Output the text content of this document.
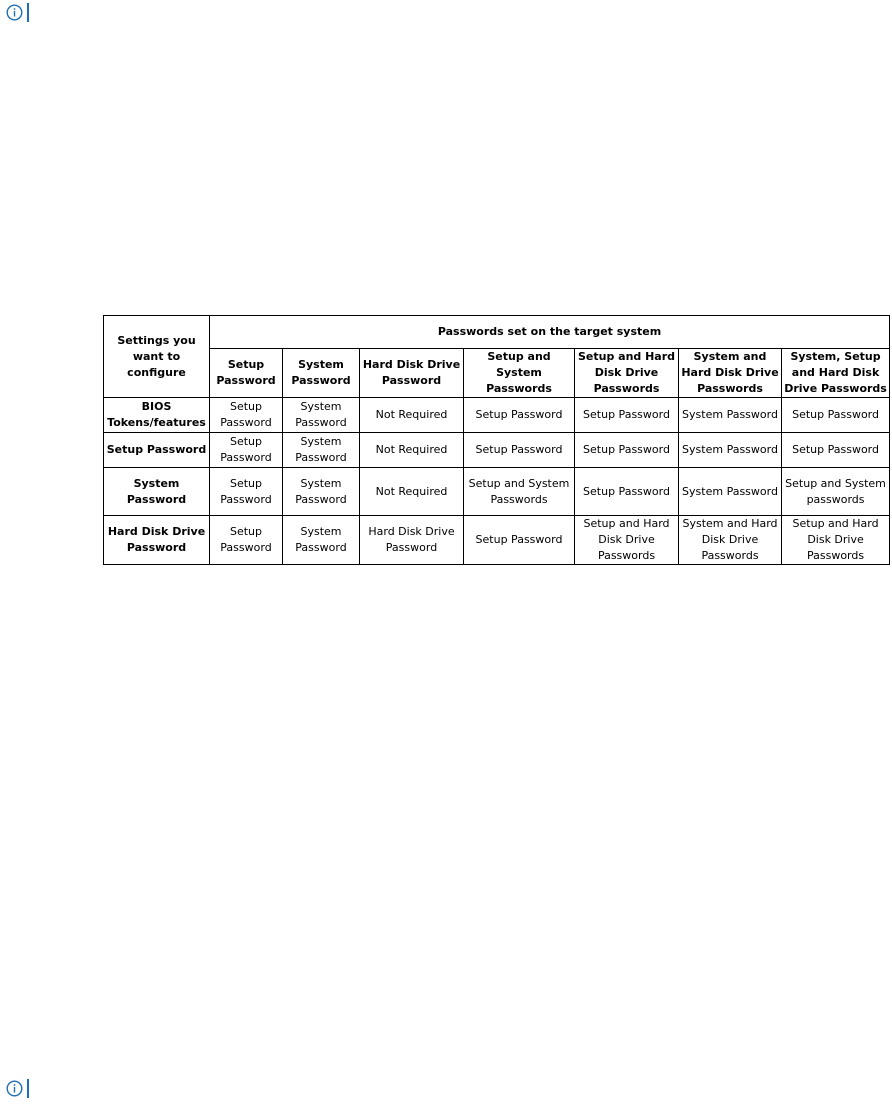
Settings you want to configure	Passwords set on the target system						
	Setup Password	System Password	Hard Disk Drive Password	Setup and System Passwords	Setup and Hard Disk Drive Passwords	System and Hard Disk Drive Passwords	System, Setup and Hard Disk Drive Passwords
BIOS Tokens/features	Setup Password	System Password	Not Required	Setup Password	Setup Password	System Password	Setup Password
Setup Password	Setup Password	System Password	Not Required	Setup Password	Setup Password	System Password	Setup Password
System Password	Setup Password	System Password	Not Required	Setup and System Passwords	Setup Password	System Password	Setup and System passwords
Hard Disk Drive Password	Setup Password	System Password	Hard Disk Drive Password	Setup Password	Setup and Hard Disk Drive Passwords	System and Hard Disk Drive Passwords	Setup and Hard Disk Drive Passwords
